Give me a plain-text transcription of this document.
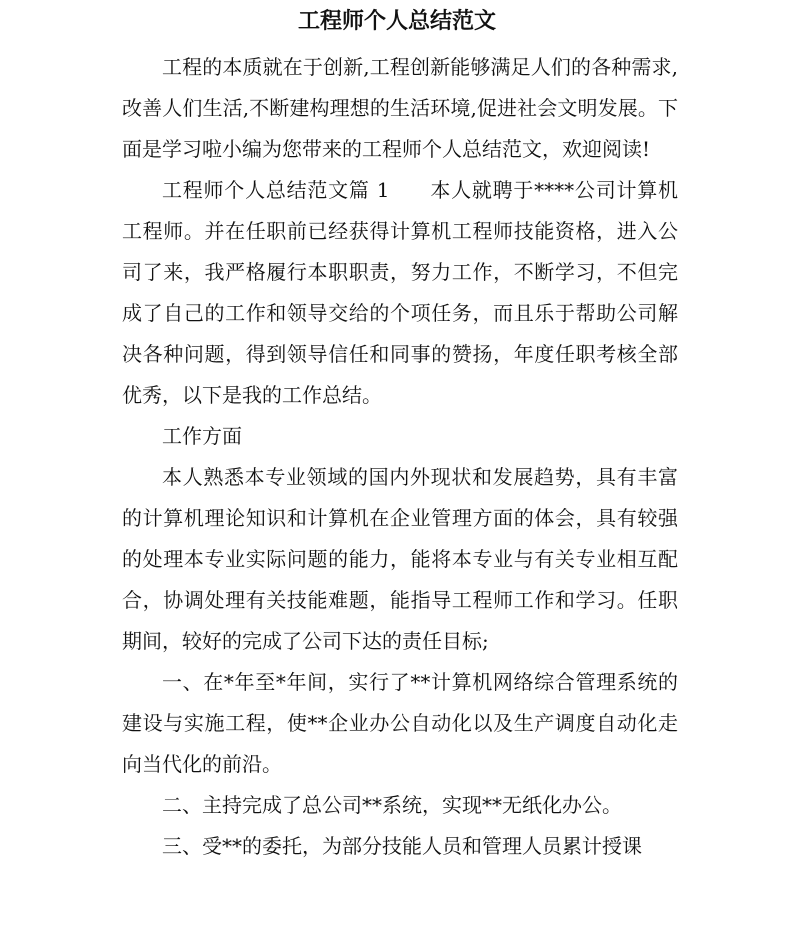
工程师个人总结范文

工程的本质就在于创新,工程创新能够满足人们的各种需求,改善人们生活,不断建构理想的生活环境,促进社会文明发展。下面是学习啦小编为您带来的工程师个人总结范文，欢迎阅读!

工程师个人总结范文篇 1 本人就聘于****公司计算机工程师。并在任职前已经获得计算机工程师技能资格，进入公司了来，我严格履行本职职责，努力工作，不断学习，不但完成了自己的工作和领导交给的个项任务，而且乐于帮助公司解决各种问题，得到领导信任和同事的赞扬，年度任职考核全部优秀，以下是我的工作总结。

工作方面

本人熟悉本专业领域的国内外现状和发展趋势，具有丰富的计算机理论知识和计算机在企业管理方面的体会，具有较强的处理本专业实际问题的能力，能将本专业与有关专业相互配合，协调处理有关技能难题，能指导工程师工作和学习。任职期间，较好的完成了公司下达的责任目标;

一、在*年至*年间，实行了**计算机网络综合管理系统的建设与实施工程，使**企业办公自动化以及生产调度自动化走向当代化的前沿。

二、主持完成了总公司**系统，实现**无纸化办公。

三、受**的委托，为部分技能人员和管理人员累计授课
